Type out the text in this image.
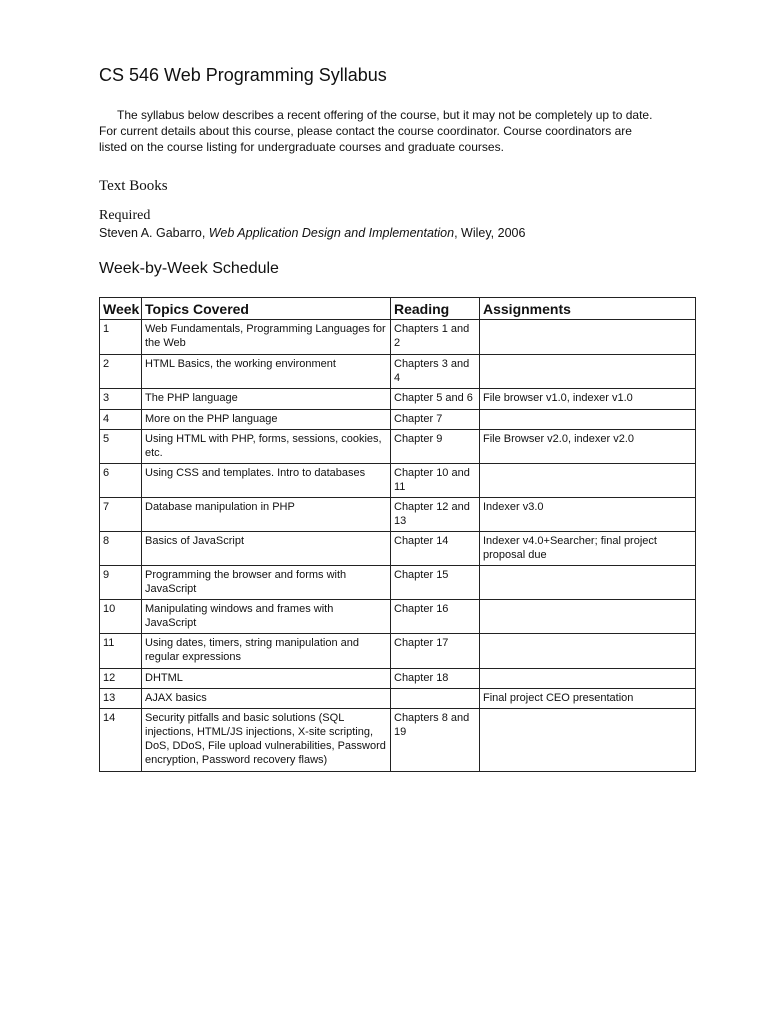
CS 546 Web Programming Syllabus

The syllabus below describes a recent offering of the course, but it may not be completely up to date. For current details about this course, please contact the course coordinator. Course coordinators are listed on the course listing for undergraduate courses and graduate courses.

Text Books
Required
Steven A. Gabarro, Web Application Design and Implementation, Wiley, 2006
Week-by-Week Schedule
Week	Topics Covered	Reading	Assignments
1	Web Fundamentals, Programming Languages for the Web	Chapters 1 and 2	
2	HTML Basics, the working environment	Chapters 3 and 4	
3	The PHP language	Chapter 5 and 6	File browser v1.0, indexer v1.0
4	More on the PHP language	Chapter 7	
5	Using HTML with PHP, forms, sessions, cookies, etc.	Chapter 9	File Browser v2.0, indexer v2.0
6	Using CSS and templates. Intro to databases	Chapter 10 and 11	
7	Database manipulation in PHP	Chapter 12 and 13	Indexer v3.0
8	Basics of JavaScript	Chapter 14	Indexer v4.0+Searcher; final project proposal due
9	Programming the browser and forms with JavaScript	Chapter 15	
10	Manipulating windows and frames with JavaScript	Chapter 16	
11	Using dates, timers, string manipulation and regular expressions	Chapter 17	
12	DHTML	Chapter 18	
13	AJAX basics		Final project CEO presentation
14	Security pitfalls and basic solutions (SQL injections, HTML/JS injections, X-site scripting, DoS, DDoS, File upload vulnerabilities, Password encryption, Password recovery flaws)	Chapters 8 and 19	
